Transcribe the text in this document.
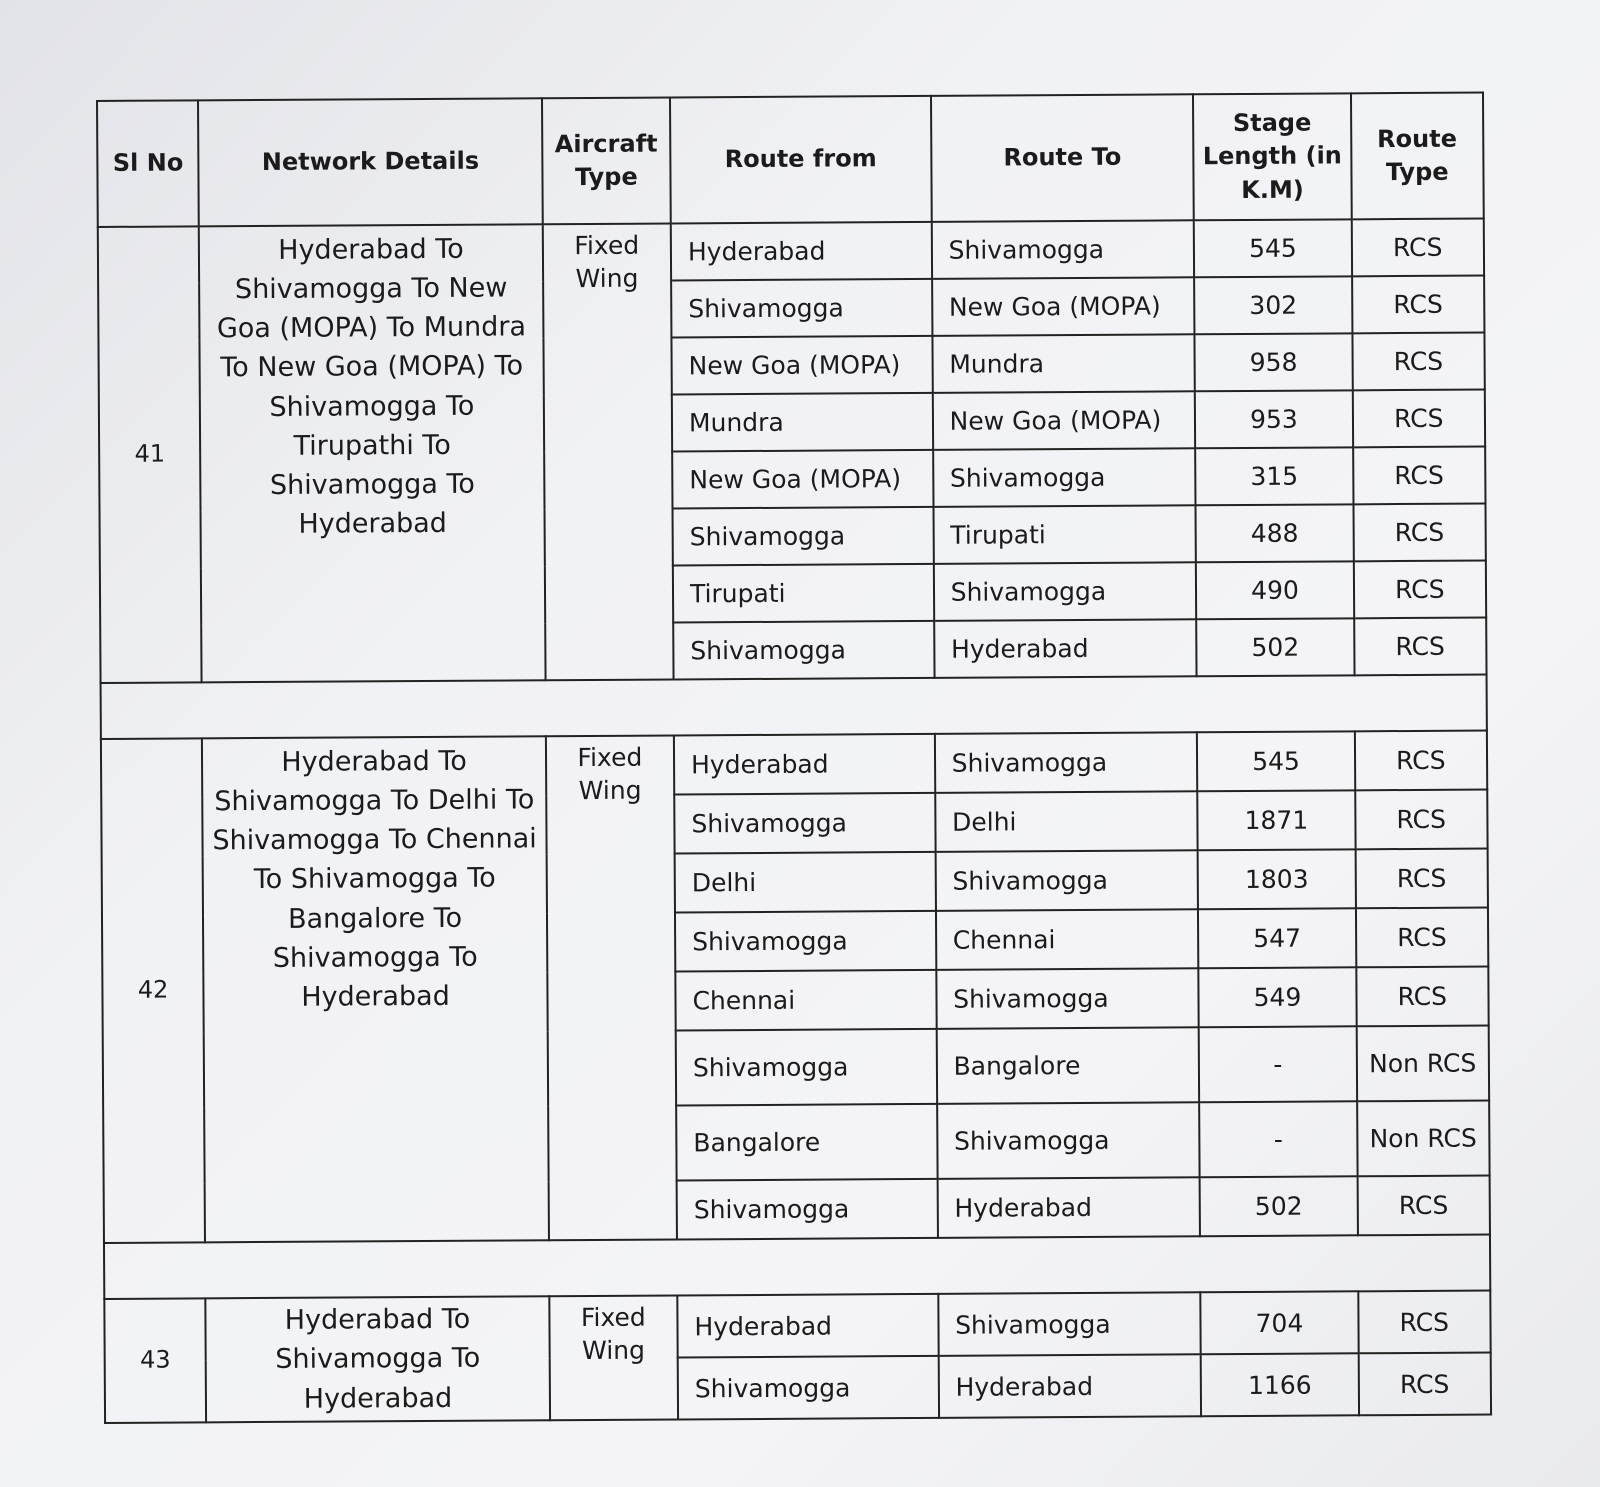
Sl No	Network Details	Aircraft Type	Route from	Route To	Stage Length (in K.M)	Route Type
41	Hyderabad To Shivamogga To New Goa (MOPA) To Mundra To New Goa (MOPA) To Shivamogga To Tirupathi To Shivamogga To Hyderabad	Fixed Wing	Hyderabad	Shivamogga	545	RCS
			Shivamogga	New Goa (MOPA)	302	RCS
			New Goa (MOPA)	Mundra	958	RCS
			Mundra	New Goa (MOPA)	953	RCS
			New Goa (MOPA)	Shivamogga	315	RCS
			Shivamogga	Tirupati	488	RCS
			Tirupati	Shivamogga	490	RCS
			Shivamogga	Hyderabad	502	RCS

42	Hyderabad To Shivamogga To Delhi To Shivamogga To Chennai To Shivamogga To Bangalore To Shivamogga To Hyderabad	Fixed Wing	Hyderabad	Shivamogga	545	RCS
			Shivamogga	Delhi	1871	RCS
			Delhi	Shivamogga	1803	RCS
			Shivamogga	Chennai	547	RCS
			Chennai	Shivamogga	549	RCS
			Shivamogga	Bangalore	-	Non RCS
			Bangalore	Shivamogga	-	Non RCS
			Shivamogga	Hyderabad	502	RCS

43	Hyderabad To Shivamogga To Hyderabad	Fixed Wing	Hyderabad	Shivamogga	704	RCS
			Shivamogga	Hyderabad	1166	RCS
